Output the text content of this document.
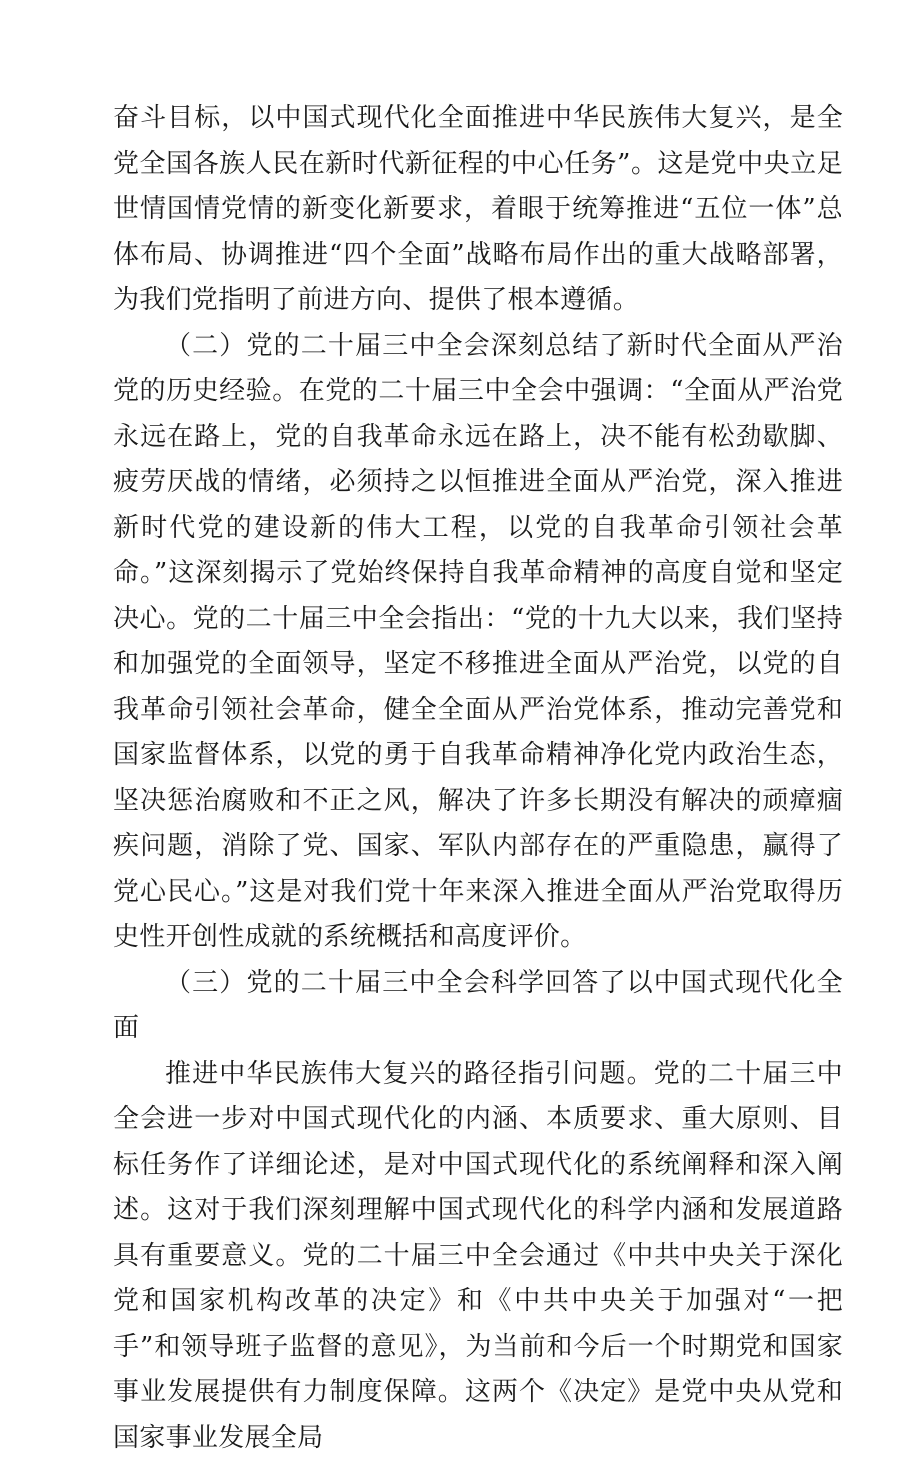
奋斗目标，以中国式现代化全面推进中华民族伟大复兴，是全党全国各族人民在新时代新征程的中心任务”。这是党中央立足世情国情党情的新变化新要求，着眼于统筹推进“五位一体”总体布局、协调推进“四个全面”战略布局作出的重大战略部署，为我们党指明了前进方向、提供了根本遵循。

（二）党的二十届三中全会深刻总结了新时代全面从严治党的历史经验。在党的二十届三中全会中强调：“全面从严治党永远在路上，党的自我革命永远在路上，决不能有松劲歇脚、疲劳厌战的情绪，必须持之以恒推进全面从严治党，深入推进新时代党的建设新的伟大工程，以党的自我革命引领社会革命。”这深刻揭示了党始终保持自我革命精神的高度自觉和坚定决心。党的二十届三中全会指出：“党的十九大以来，我们坚持和加强党的全面领导，坚定不移推进全面从严治党，以党的自我革命引领社会革命，健全全面从严治党体系，推动完善党和国家监督体系，以党的勇于自我革命精神净化党内政治生态，坚决惩治腐败和不正之风，解决了许多长期没有解决的顽瘴痼疾问题，消除了党、国家、军队内部存在的严重隐患，赢得了党心民心。”这是对我们党十年来深入推进全面从严治党取得历史性开创性成就的系统概括和高度评价。

（三）党的二十届三中全会科学回答了以中国式现代化全面

推进中华民族伟大复兴的路径指引问题。党的二十届三中全会进一步对中国式现代化的内涵、本质要求、重大原则、目标任务作了详细论述，是对中国式现代化的系统阐释和深入阐述。这对于我们深刻理解中国式现代化的科学内涵和发展道路具有重要意义。党的二十届三中全会通过《中共中央关于深化党和国家机构改革的决定》和《中共中央关于加强对“一把手”和领导班子监督的意见》，为当前和今后一个时期党和国家事业发展提供有力制度保障。这两个《决定》是党中央从党和国家事业发展全局
